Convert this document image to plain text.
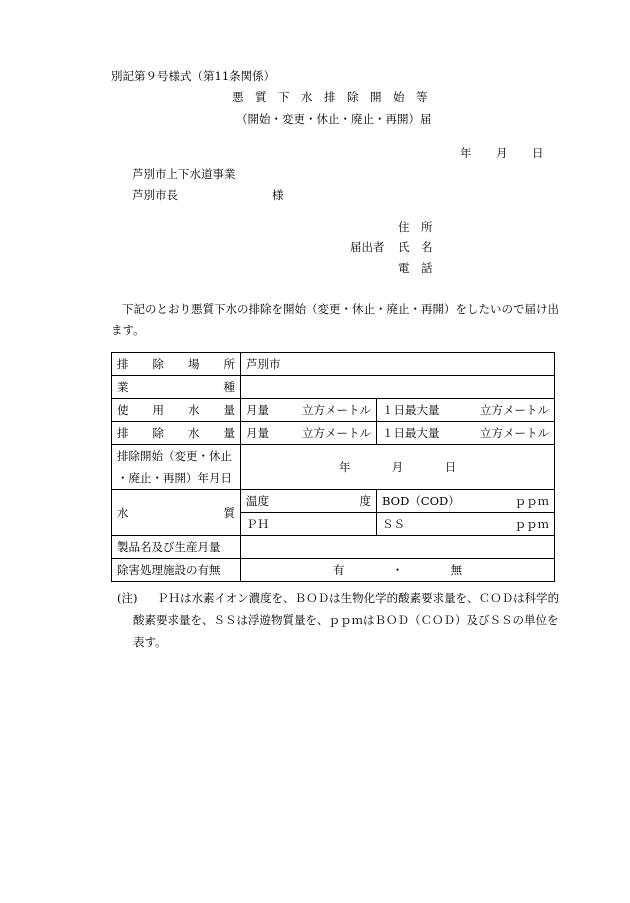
別記第９号様式（第11条関係）
悪　質　下　水　排　除　開　始　等
（開始・変更・休止・廃止・再開）届
年 月 日
芦別市上下水道事業
芦別市長	様
住　所
届出者 氏　名
電　話
下記のとおり悪質下水の排除を開始（変更・休止・廃止・再開）をしたいので届け出
ます。
排 除 場 所	芦別市	

業 種		

使 用 水 量	月量 立方メートル	１日最大量 立方メートル

排 除 水 量	月量 立方メートル	１日最大量 立方メートル

排除開始（変更・休止
・廃止・再開）年月日	年 月 日	

水 質	温度 度	BOD（COD） ｐｐｍ

	ＰＨ	ＳＳ ｐｐｍ

製品名及び生産月量		
除害処理施設の有無	有 ・ 無	
(注) ＰＨは水素イオン濃度を、ＢＯＤは生物化学的酸素要求量を、ＣＯＤは科学的
酸素要求量を、ＳＳは浮遊物質量を、ｐｐｍはＢＯＤ（ＣＯＤ）及びＳＳの単位を
表す。
